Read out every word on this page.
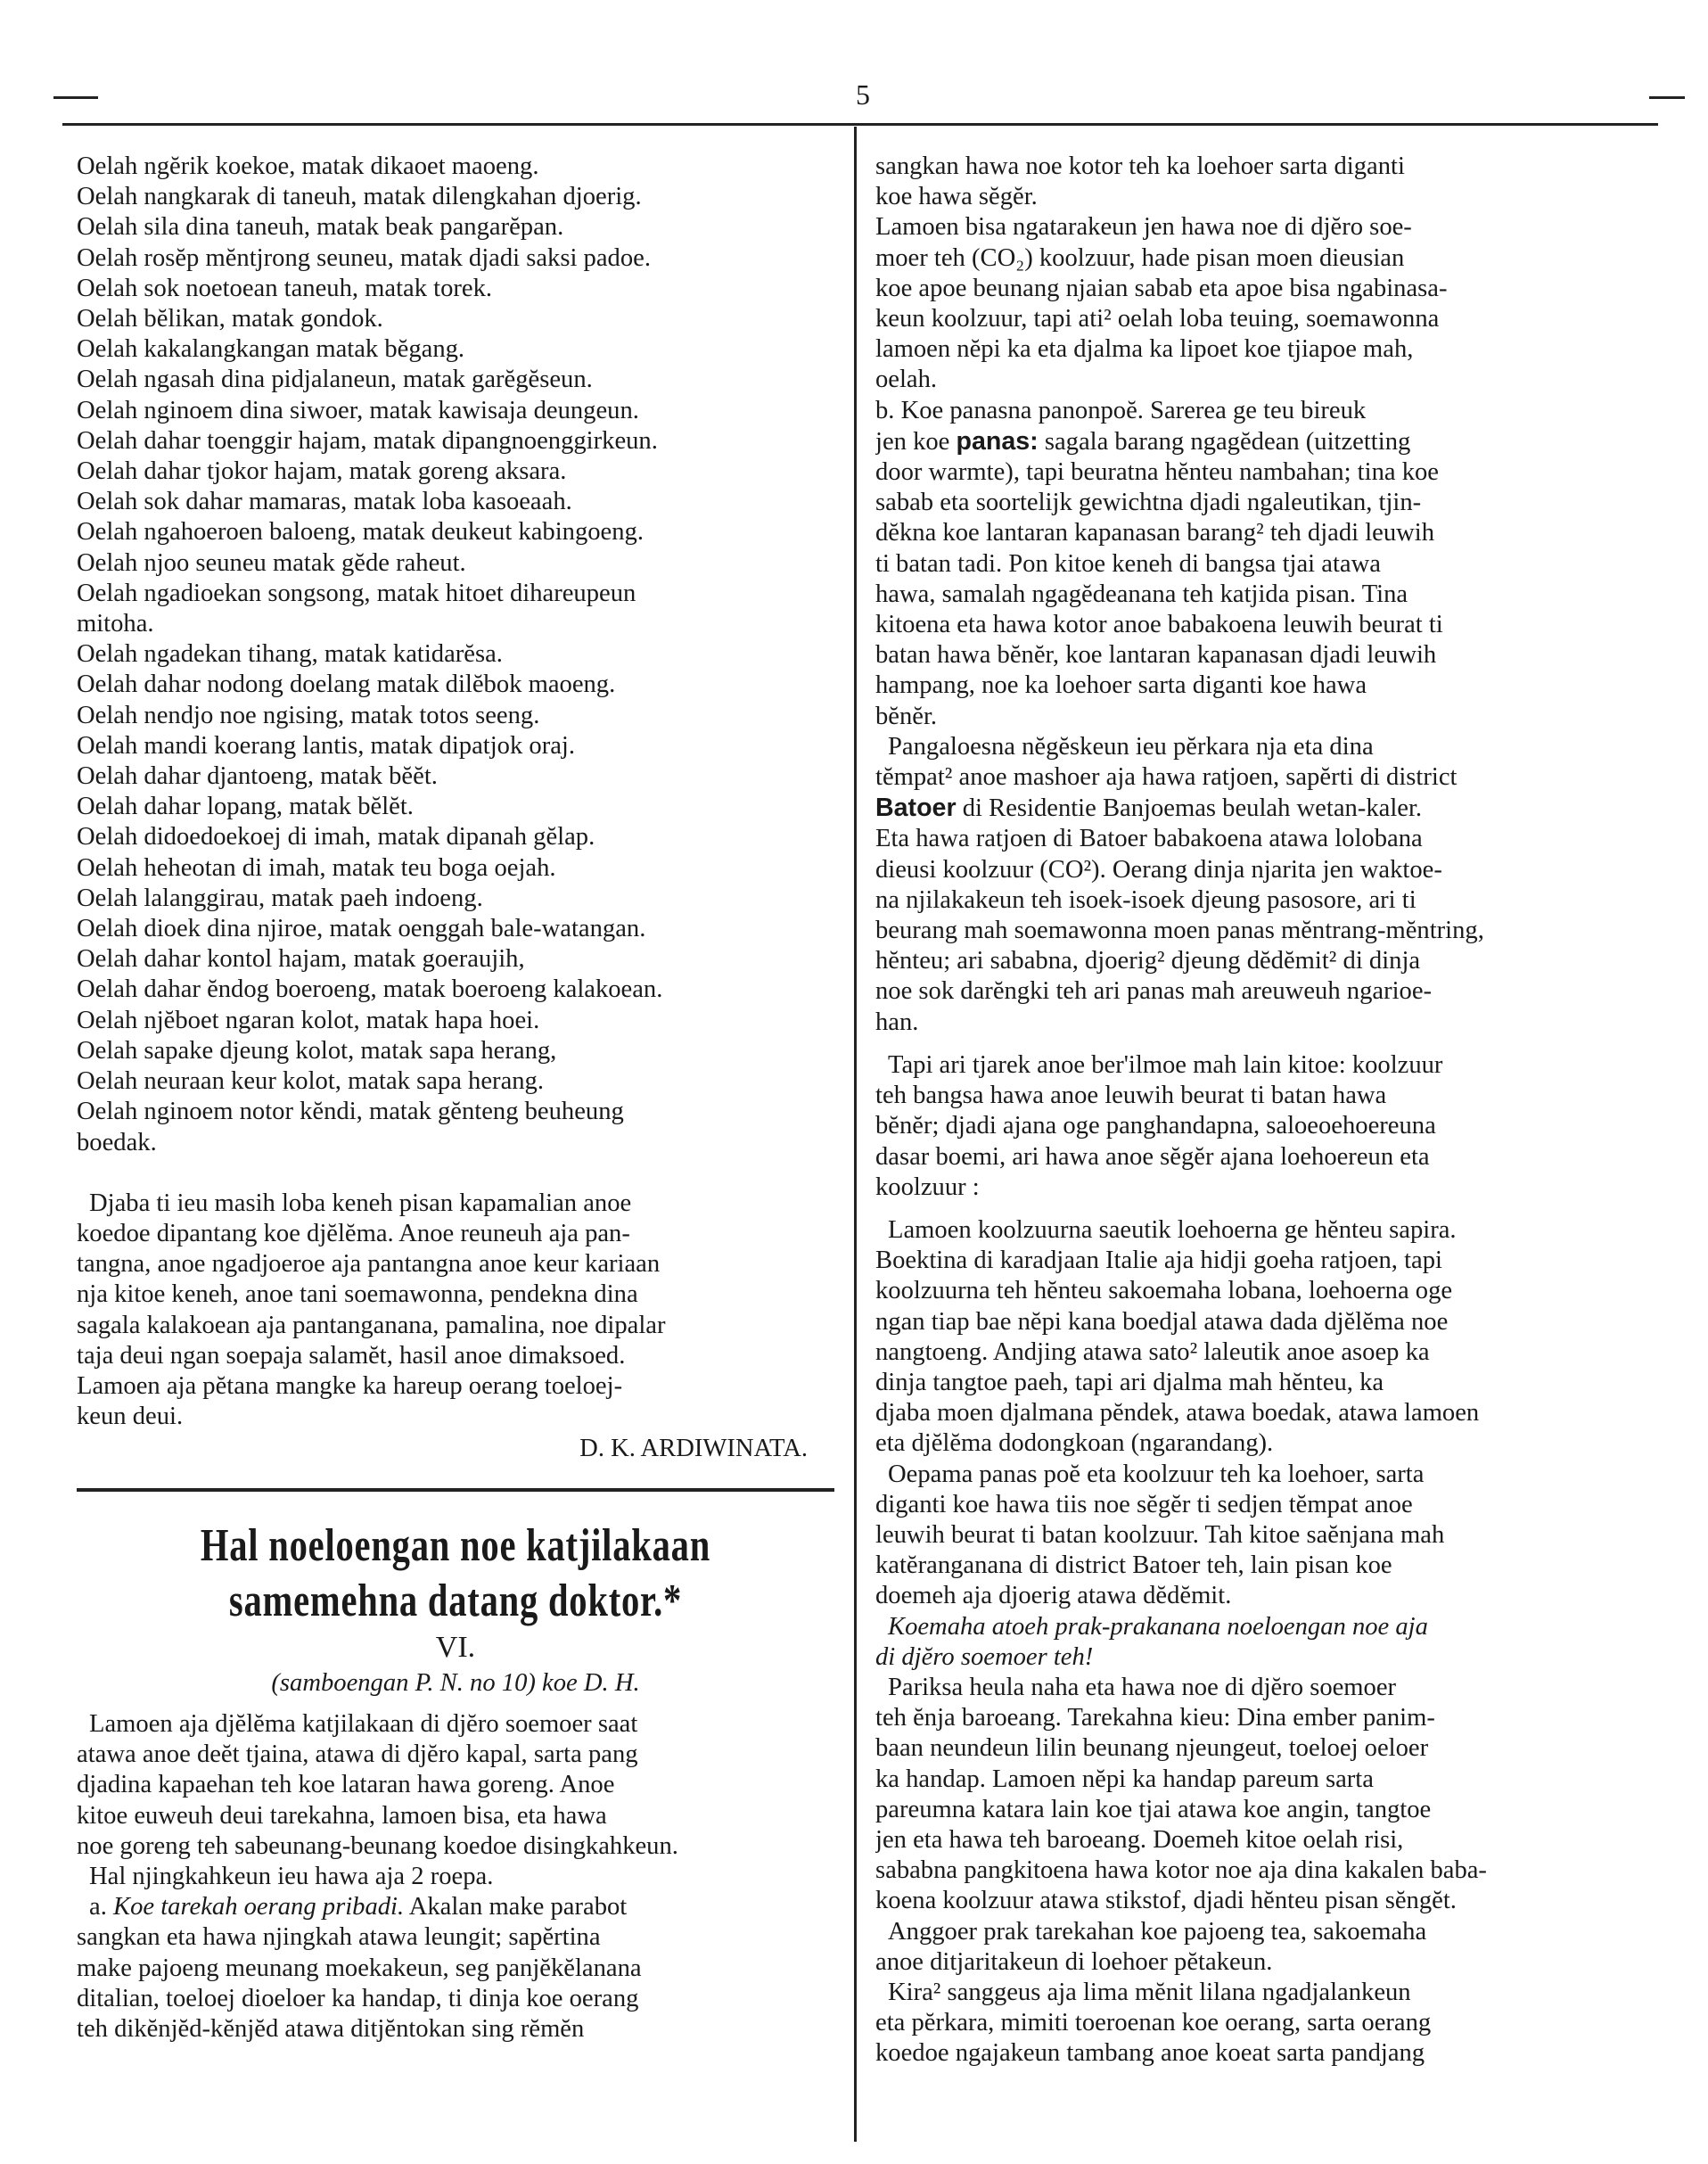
5
Oelah ngĕrik koekoe, matak dikaoet maoeng.
Oelah nangkarak di taneuh, matak dilengkahan djoerig.
Oelah sila dina taneuh, matak beak pangarĕpan.
Oelah rosĕp mĕntjrong seuneu, matak djadi saksi padoe.
Oelah sok noetoean taneuh, matak torek.
Oelah bĕlikan, matak gondok.
Oelah kakalangkangan matak bĕgang.
Oelah ngasah dina pidjalaneun, matak garĕgĕseun.
Oelah nginoem dina siwoer, matak kawisaja deungeun.
Oelah dahar toenggir hajam, matak dipangnoenggirkeun.
Oelah dahar tjokor hajam, matak goreng aksara.
Oelah sok dahar mamaras, matak loba kasoeaah.
Oelah ngahoeroen baloeng, matak deukeut kabingoeng.
Oelah njoo seuneu matak gĕde raheut.
Oelah ngadioekan songsong, matak hitoet dihareupeun
mitoha.
Oelah ngadekan tihang, matak katidarĕsa.
Oelah dahar nodong doelang matak dilĕbok maoeng.
Oelah nendjo noe ngising, matak totos seeng.
Oelah mandi koerang lantis, matak dipatjok oraj.
Oelah dahar djantoeng, matak bĕĕt.
Oelah dahar lopang, matak bĕlĕt.
Oelah didoedoekoej di imah, matak dipanah gĕlap.
Oelah heheotan di imah, matak teu boga oejah.
Oelah lalanggirau, matak paeh indoeng.
Oelah dioek dina njiroe, matak oenggah bale-watangan.
Oelah dahar kontol hajam, matak goeraujih,
Oelah dahar ĕndog boeroeng, matak boeroeng kalakoean.
Oelah njĕboet ngaran kolot, matak hapa hoei.
Oelah sapake djeung kolot, matak sapa herang,
Oelah neuraan keur kolot, matak sapa herang.
Oelah nginoem notor kĕndi, matak gĕnteng beuheung
boedak.
Djaba ti ieu masih loba keneh pisan kapamalian anoe
koedoe dipantang koe djĕlĕma. Anoe reuneuh aja pan-
tangna, anoe ngadjoeroe aja pantangna anoe keur kariaan
nja kitoe keneh, anoe tani soemawonna, pendekna dina
sagala kalakoean aja pantanganana, pamalina, noe dipalar
taja deui ngan soepaja salamĕt, hasil anoe dimaksoed.
Lamoen aja pĕtana mangke ka hareup oerang toeloej-
keun deui.
D. K. ARDIWINATA.
Hal noeloengan noe katjilakaan
samemehna datang doktor.*
VI.
(samboengan P. N. no 10) koe D. H.
Lamoen aja djĕlĕma katjilakaan di djĕro soemoer saat
atawa anoe deĕt tjaina, atawa di djĕro kapal, sarta pang
djadina kapaehan teh koe lataran hawa goreng. Anoe
kitoe euweuh deui tarekahna, lamoen bisa, eta hawa
noe goreng teh sabeunang-beunang koedoe disingkahkeun.
Hal njingkahkeun ieu hawa aja 2 roepa.
a. Koe tarekah oerang pribadi. Akalan make parabot
sangkan eta hawa njingkah atawa leungit; sapĕrtina
make pajoeng meunang moekakeun, seg panjĕkĕlanana
ditalian, toeloej dioeloer ka handap, ti dinja koe oerang
teh dikĕnjĕd-kĕnjĕd atawa ditjĕntokan sing rĕmĕn
sangkan hawa noe kotor teh ka loehoer sarta diganti
koe hawa sĕgĕr.
Lamoen bisa ngatarakeun jen hawa noe di djĕro soe-
moer teh (CO₂) koolzuur, hade pisan moen dieusian
koe apoe beunang njaian sabab eta apoe bisa ngabinasa-
keun koolzuur, tapi ati² oelah loba teuing, soemawonna
lamoen nĕpi ka eta djalma ka lipoet koe tjiapoe mah,
oelah.
b. Koe panasna panonpoĕ. Sarerea ge teu bireuk
jen koe panas: sagala barang ngagĕdean (uitzetting
door warmte), tapi beuratna hĕnteu nambahan; tina koe
sabab eta soortelijk gewichtna djadi ngaleutikan, tjin-
dĕkna koe lantaran kapanasan barang² teh djadi leuwih
ti batan tadi. Pon kitoe keneh di bangsa tjai atawa
hawa, samalah ngagĕdeanana teh katjida pisan. Tina
kitoena eta hawa kotor anoe babakoena leuwih beurat ti
batan hawa bĕnĕr, koe lantaran kapanasan djadi leuwih
hampang, noe ka loehoer sarta diganti koe hawa
bĕnĕr.
Pangaloesna nĕgĕskeun ieu pĕrkara nja eta dina
tĕmpat² anoe mashoer aja hawa ratjoen, sapĕrti di district
Batoer di Residentie Banjoemas beulah wetan-kaler.
Eta hawa ratjoen di Batoer babakoena atawa lolobana
dieusi koolzuur (CO²). Oerang dinja njarita jen waktoe-
na njilakakeun teh isoek-isoek djeung pasosore, ari ti
beurang mah soemawonna moen panas mĕntrang-mĕntring,
hĕnteu; ari sababna, djoerig² djeung dĕdĕmit² di dinja
noe sok darĕngki teh ari panas mah areuweuh ngarioe-
han.
Tapi ari tjarek anoe ber'ilmoe mah lain kitoe: koolzuur
teh bangsa hawa anoe leuwih beurat ti batan hawa
bĕnĕr; djadi ajana oge panghandapna, saloeoehoereuna
dasar boemi, ari hawa anoe sĕgĕr ajana loehoereun eta
koolzuur :
Lamoen koolzuurna saeutik loehoerna ge hĕnteu sapira.
Boektina di karadjaan Italie aja hidji goeha ratjoen, tapi
koolzuurna teh hĕnteu sakoemaha lobana, loehoerna oge
ngan tiap bae nĕpi kana boedjal atawa dada djĕlĕma noe
nangtoeng. Andjing atawa sato² laleutik anoe asoep ka
dinja tangtoe paeh, tapi ari djalma mah hĕnteu, ka
djaba moen djalmana pĕndek, atawa boedak, atawa lamoen
eta djĕlĕma dodongkoan (ngarandang).
Oepama panas poĕ eta koolzuur teh ka loehoer, sarta
diganti koe hawa tiis noe sĕgĕr ti sedjen tĕmpat anoe
leuwih beurat ti batan koolzuur. Tah kitoe saĕnjana mah
katĕranganana di district Batoer teh, lain pisan koe
doemeh aja djoerig atawa dĕdĕmit.
Koemaha atoeh prak-prakanana noeloengan noe aja
di djĕro soemoer teh!
Pariksa heula naha eta hawa noe di djĕro soemoer
teh ĕnja baroeang. Tarekahna kieu: Dina ember panim-
baan neundeun lilin beunang njeungeut, toeloej oeloer
ka handap. Lamoen nĕpi ka handap pareum sarta
pareumna katara lain koe tjai atawa koe angin, tangtoe
jen eta hawa teh baroeang. Doemeh kitoe oelah risi,
sababna pangkitoena hawa kotor noe aja dina kakalen baba-
koena koolzuur atawa stikstof, djadi hĕnteu pisan sĕngĕt.
Anggoer prak tarekahan koe pajoeng tea, sakoemaha
anoe ditjaritakeun di loehoer pĕtakeun.
Kira² sanggeus aja lima mĕnit lilana ngadjalankeun
eta pĕrkara, mimiti toeroenan koe oerang, sarta oerang
koedoe ngajakeun tambang anoe koeat sarta pandjang
